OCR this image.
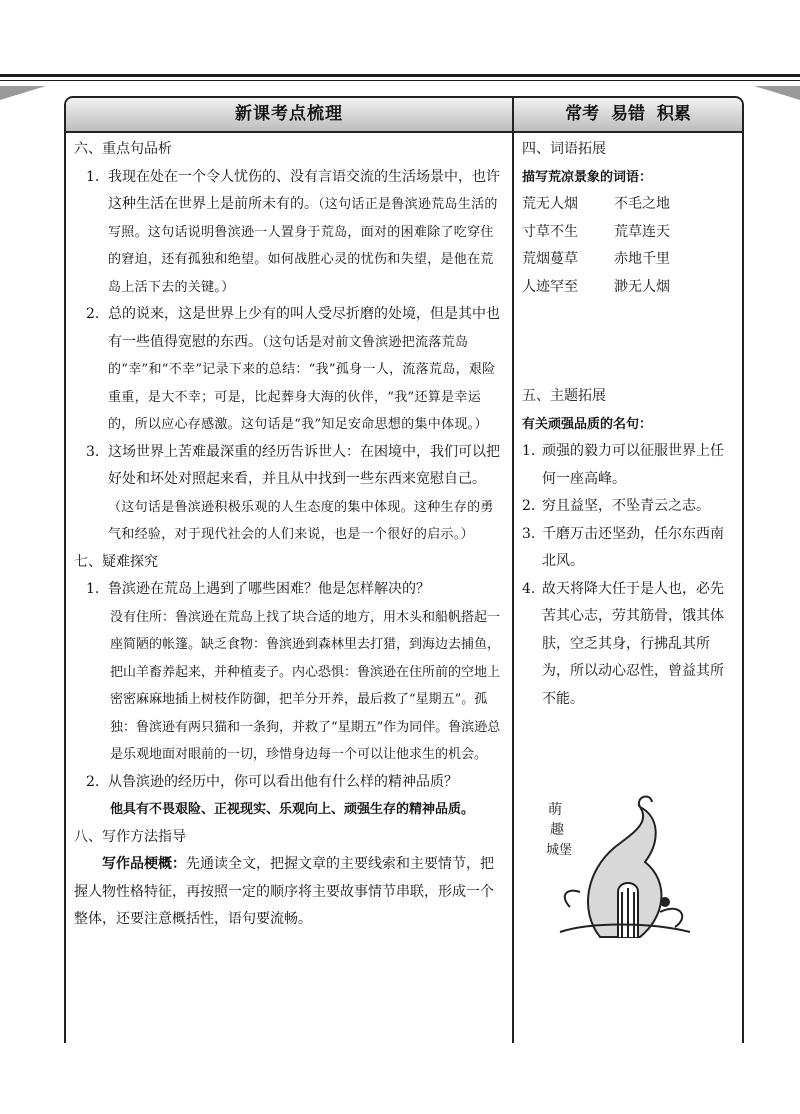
新课考点梳理	常考 易错 积累
六、重点句品析
1. 我现在处在一个令人忧伤的、没有言语交流的生活场景中，也许这种生活在世界上是前所未有的。（这句话正是鲁滨逊荒岛生活的写照。这句话说明鲁滨逊一人置身于荒岛，面对的困难除了吃穿住的窘迫，还有孤独和绝望。如何战胜心灵的忧伤和失望，是他在荒岛上活下去的关键。）
2. 总的说来，这是世界上少有的叫人受尽折磨的处境，但是其中也有一些值得宽慰的东西。（这句话是对前文鲁滨逊把流落荒岛的“幸”和“不幸”记录下来的总结：“我”孤身一人，流落荒岛，艰险重重，是大不幸；可是，比起葬身大海的伙伴，“我”还算是幸运的，所以应心存感激。这句话是“我”知足安命思想的集中体现。）
3. 这场世界上苦难最深重的经历告诉世人：在困境中，我们可以把好处和坏处对照起来看，并且从中找到一些东西来宽慰自己。（这句话是鲁滨逊积极乐观的人生态度的集中体现。这种生存的勇气和经验，对于现代社会的人们来说，也是一个很好的启示。）
七、疑难探究
1. 鲁滨逊在荒岛上遇到了哪些困难？他是怎样解决的？
没有住所：鲁滨逊在荒岛上找了块合适的地方，用木头和船帆搭起一座简陋的帐篷。缺乏食物：鲁滨逊到森林里去打猎，到海边去捕鱼，把山羊畜养起来，并种植麦子。内心恐惧：鲁滨逊在住所前的空地上密密麻麻地插上树枝作防御，把羊分开养，最后救了“星期五”。孤独：鲁滨逊有两只猫和一条狗，并救了“星期五”作为同伴。鲁滨逊总是乐观地面对眼前的一切，珍惜身边每一个可以让他求生的机会。
2. 从鲁滨逊的经历中，你可以看出他有什么样的精神品质？
他具有不畏艰险、正视现实、乐观向上、顽强生存的精神品质。
八、写作方法指导
写作品梗概：先通读全文，把握文章的主要线索和主要情节，把握人物性格特征，再按照一定的顺序将主要故事情节串联，形成一个整体，还要注意概括性，语句要流畅。
四、词语拓展
描写荒凉景象的词语：
荒无人烟	不毛之地
寸草不生	荒草连天
荒烟蔓草	赤地千里
人迹罕至	渺无人烟
五、主题拓展
有关顽强品质的名句：
1. 顽强的毅力可以征服世界上任何一座高峰。
2. 穷且益坚，不坠青云之志。
3. 千磨万击还坚劲，任尔东西南北风。
4. 故天将降大任于是人也，必先苦其心志，劳其筋骨，饿其体肤，空乏其身，行拂乱其所为，所以动心忍性，曾益其所不能。
萌
趣
城堡
